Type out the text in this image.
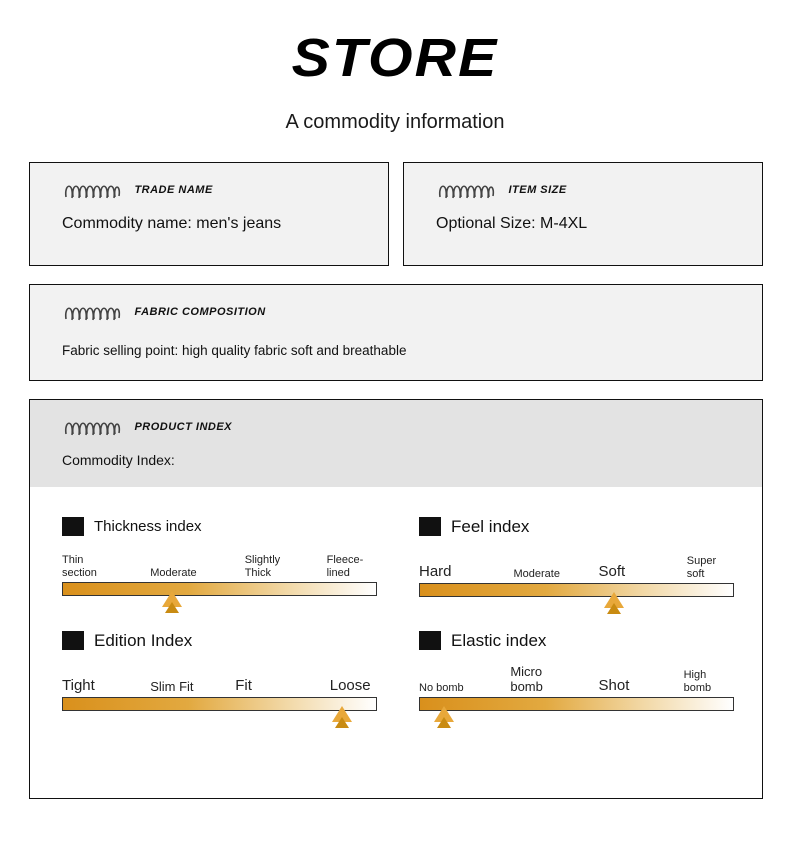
STORE
A commodity information
TRADE NAME
Commodity name: men's jeans
ITEM SIZE
Optional Size: M-4XL
FABRIC COMPOSITION
Fabric selling point: high quality fabric soft and breathable
PRODUCT INDEX
Commodity Index:
Thickness index
Thin
section	Moderate
Slightly
Thick
Fleece-
lined
Feel index
Hard	Moderate	Soft
Super
soft
Edition Index
Tight	Slim Fit	Fit	Loose
Elastic index
No bomb
Micro
bomb	Shot
High
bomb
